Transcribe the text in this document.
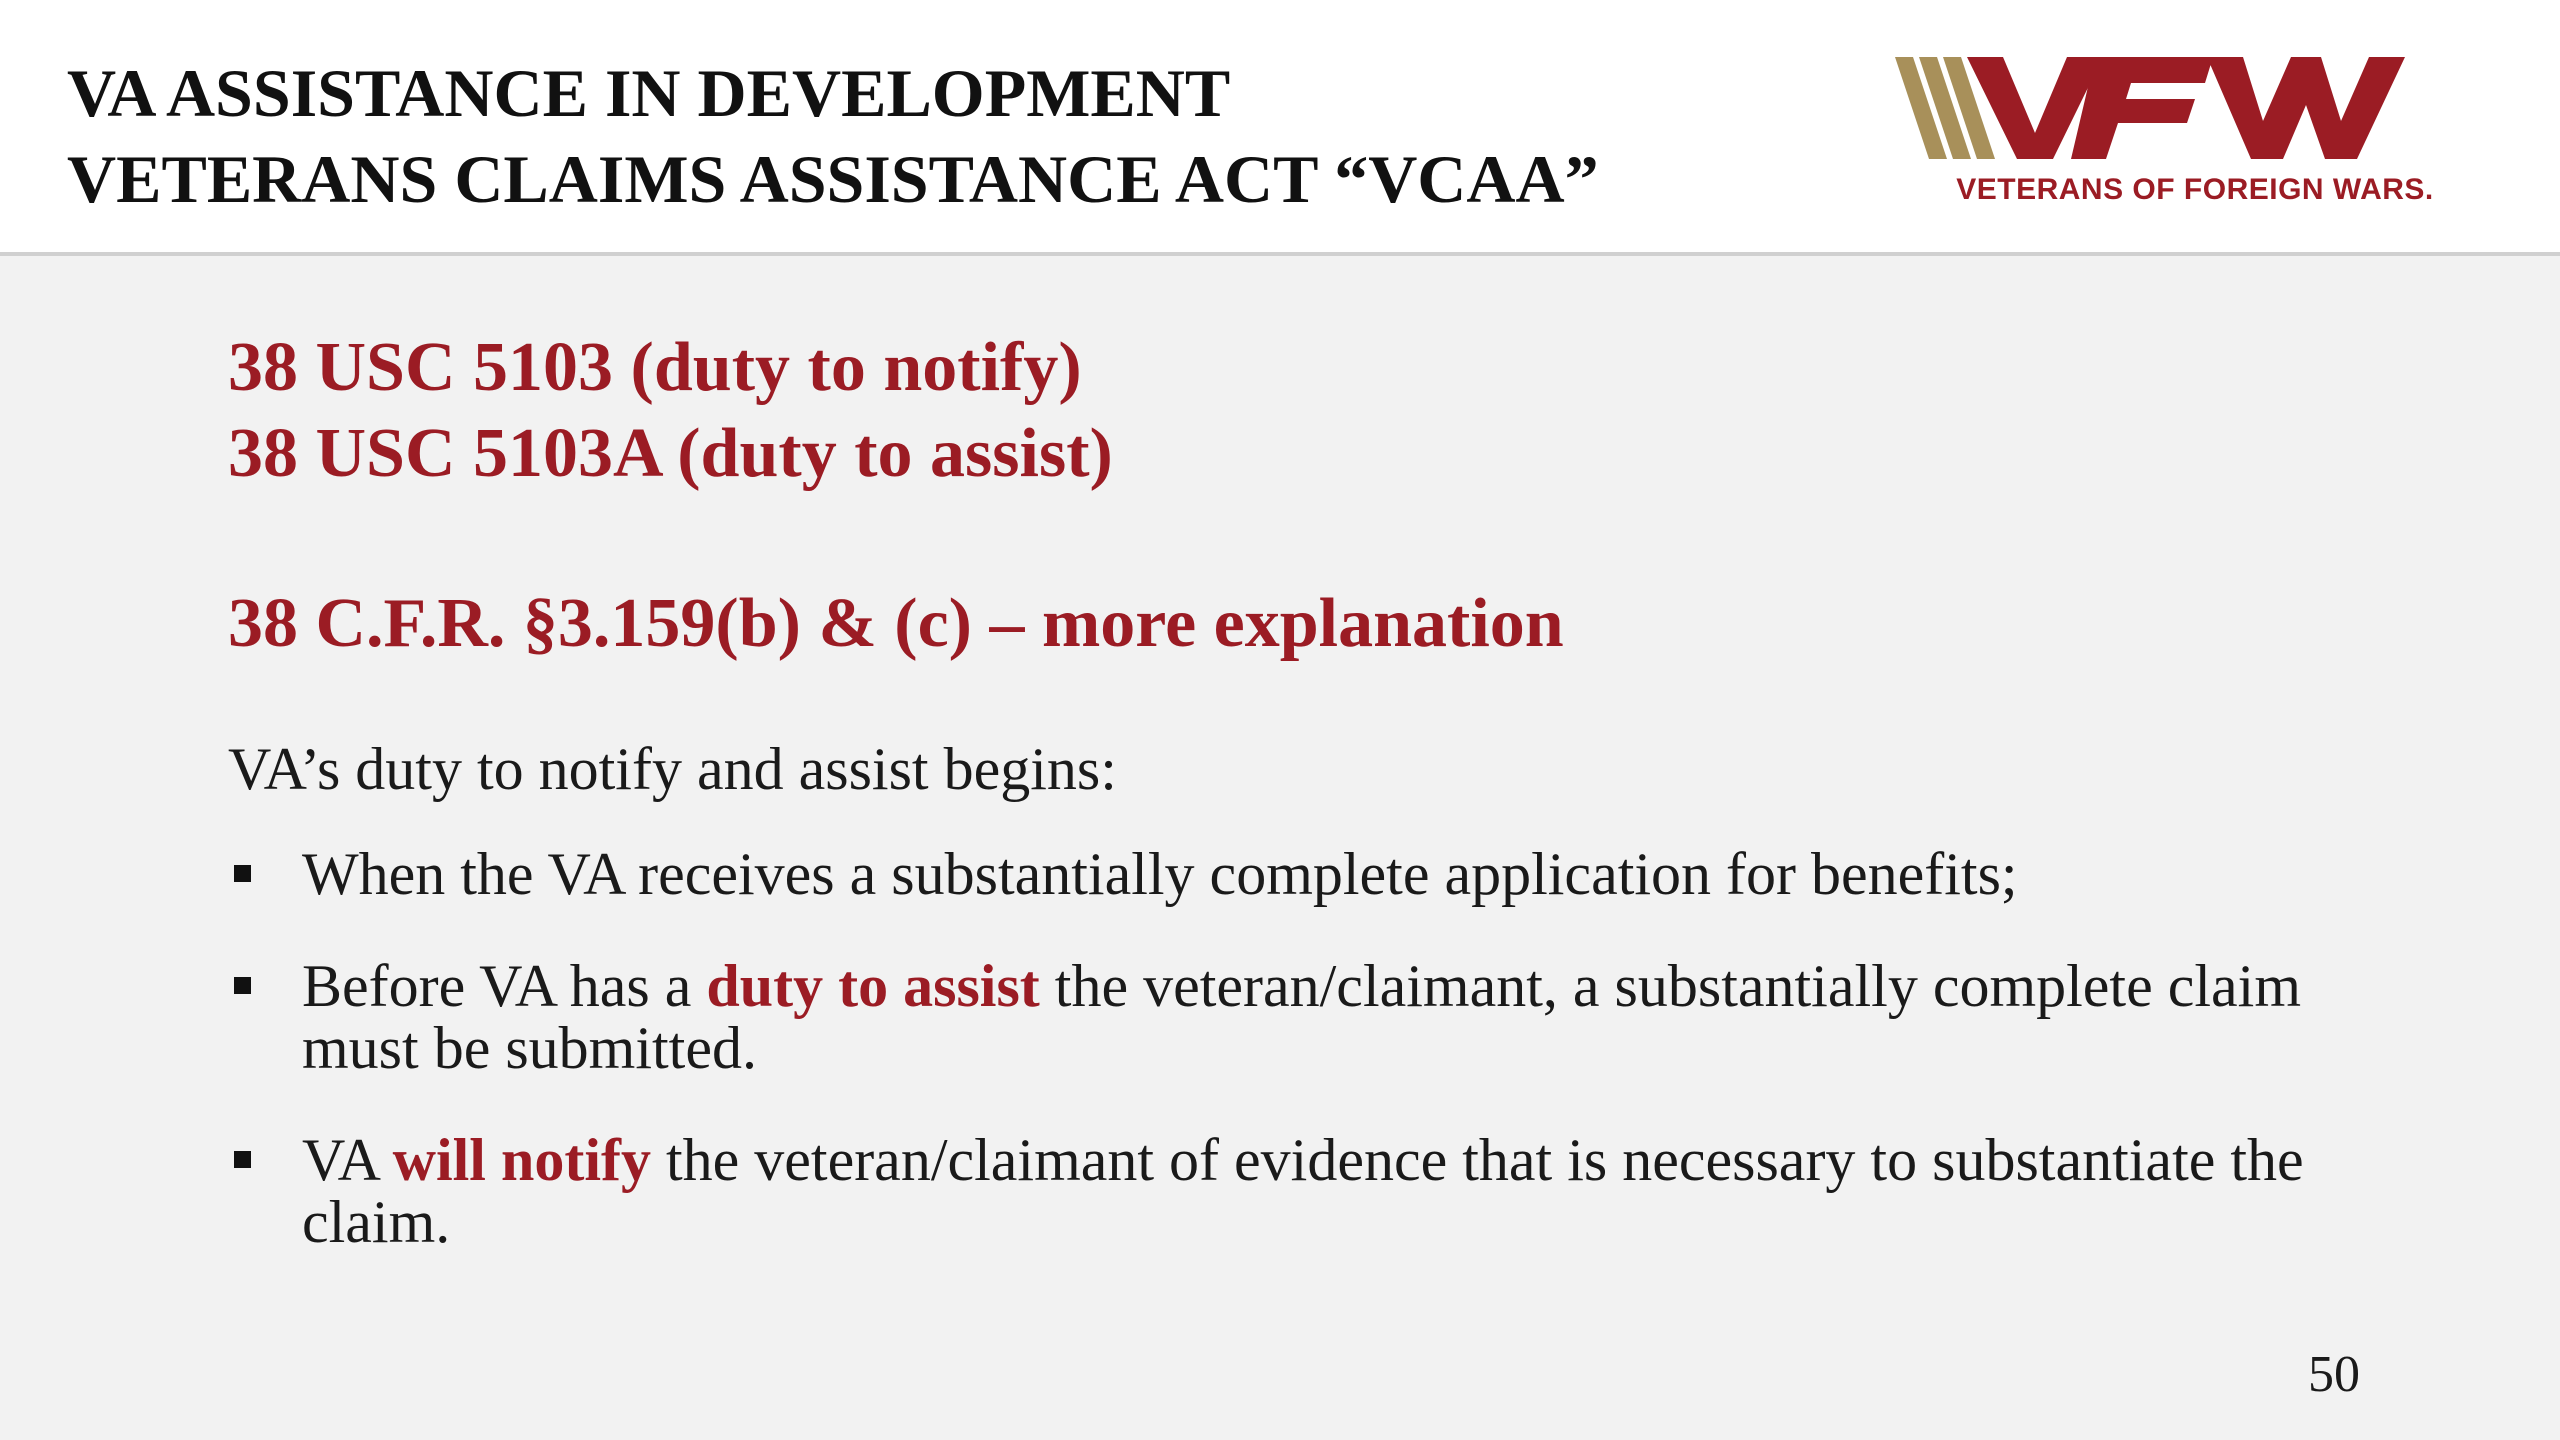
VA ASSISTANCE IN DEVELOPMENT
VETERANS CLAIMS ASSISTANCE ACT “VCAA”	VETERANS OF FOREIGN WARS.

38 USC 5103 (duty to notify)

38 USC 5103A (duty to assist)

38 C.F.R. §3.159(b) & (c) – more explanation

VA’s duty to notify and assist begins:

When the VA receives a substantially complete application for benefits;
Before VA has a duty to assist the veteran/claimant, a substantially complete claim must be submitted.
VA will notify the veteran/claimant of evidence that is necessary to substantiate the claim.
50
